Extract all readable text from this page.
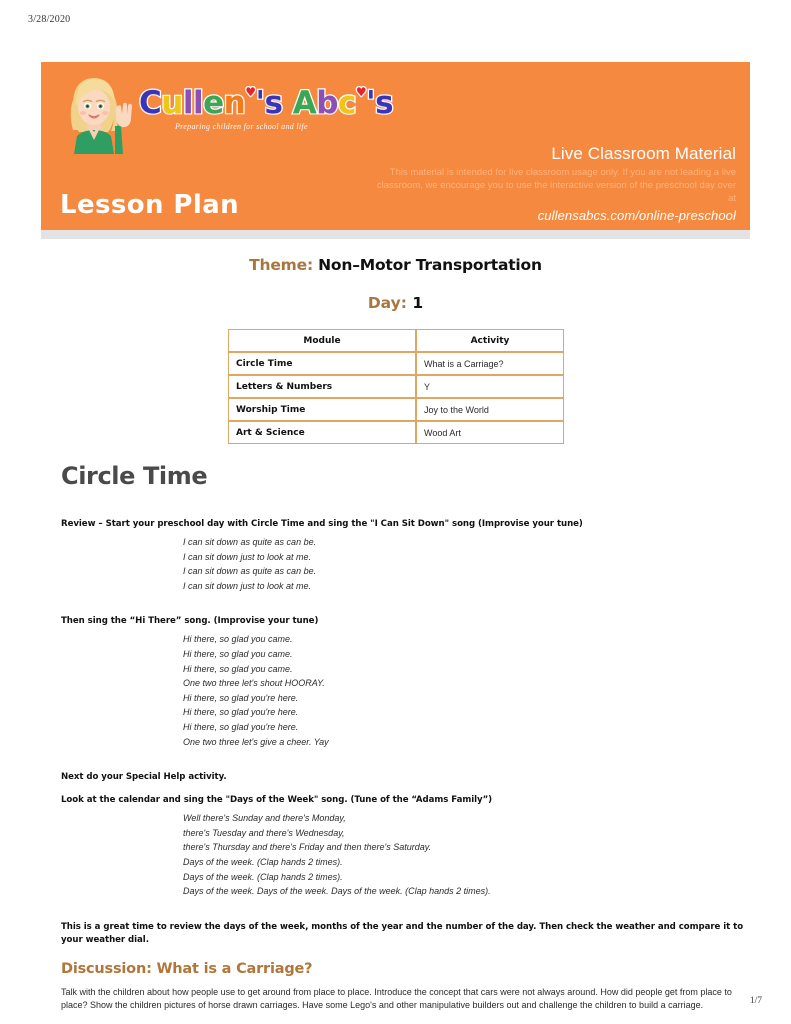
3/28/2020
Cullen♥'s Abc♥'s
Preparing children for school and life
Lesson Plan
Live Classroom Material
This material is intended for live classroom usage only. If you are not leading a live classroom, we encourage you to use the interactive version of the preschool day over at
cullensabcs.com/online-preschool
Theme: Non–Motor Transportation
Day: 1
Module	Activity
Circle Time	What is a Carriage?
Letters & Numbers	Y
Worship Time	Joy to the World
Art & Science	Wood Art
Circle Time

Review – Start your preschool day with Circle Time and sing the "I Can Sit Down" song (Improvise your tune)

I can sit down as quite as can be.
I can sit down just to look at me.
I can sit down as quite as can be.
I can sit down just to look at me.

Then sing the “Hi There” song. (Improvise your tune)

Hi there, so glad you came.
Hi there, so glad you came.
Hi there, so glad you came.
One two three let's shout HOORAY.
Hi there, so glad you're here.
Hi there, so glad you're here.
Hi there, so glad you're here.
One two three let's give a cheer. Yay

Next do your Special Help activity.

Look at the calendar and sing the "Days of the Week" song. (Tune of the “Adams Family”)

Well there's Sunday and there's Monday,
there's Tuesday and there's Wednesday,
there's Thursday and there's Friday and then there's Saturday.
Days of the week. (Clap hands 2 times).
Days of the week. (Clap hands 2 times).
Days of the week. Days of the week. Days of the week. (Clap hands 2 times).

This is a great time to review the days of the week, months of the year and the number of the day. Then check the weather and compare it to your weather dial.

Discussion: What is a Carriage?

Talk with the children about how people use to get around from place to place. Introduce the concept that cars were not always around. How did people get from place to place? Show the children pictures of horse drawn carriages. Have some Lego's and other manipulative builders out and challenge the children to build a carriage.	1/7
